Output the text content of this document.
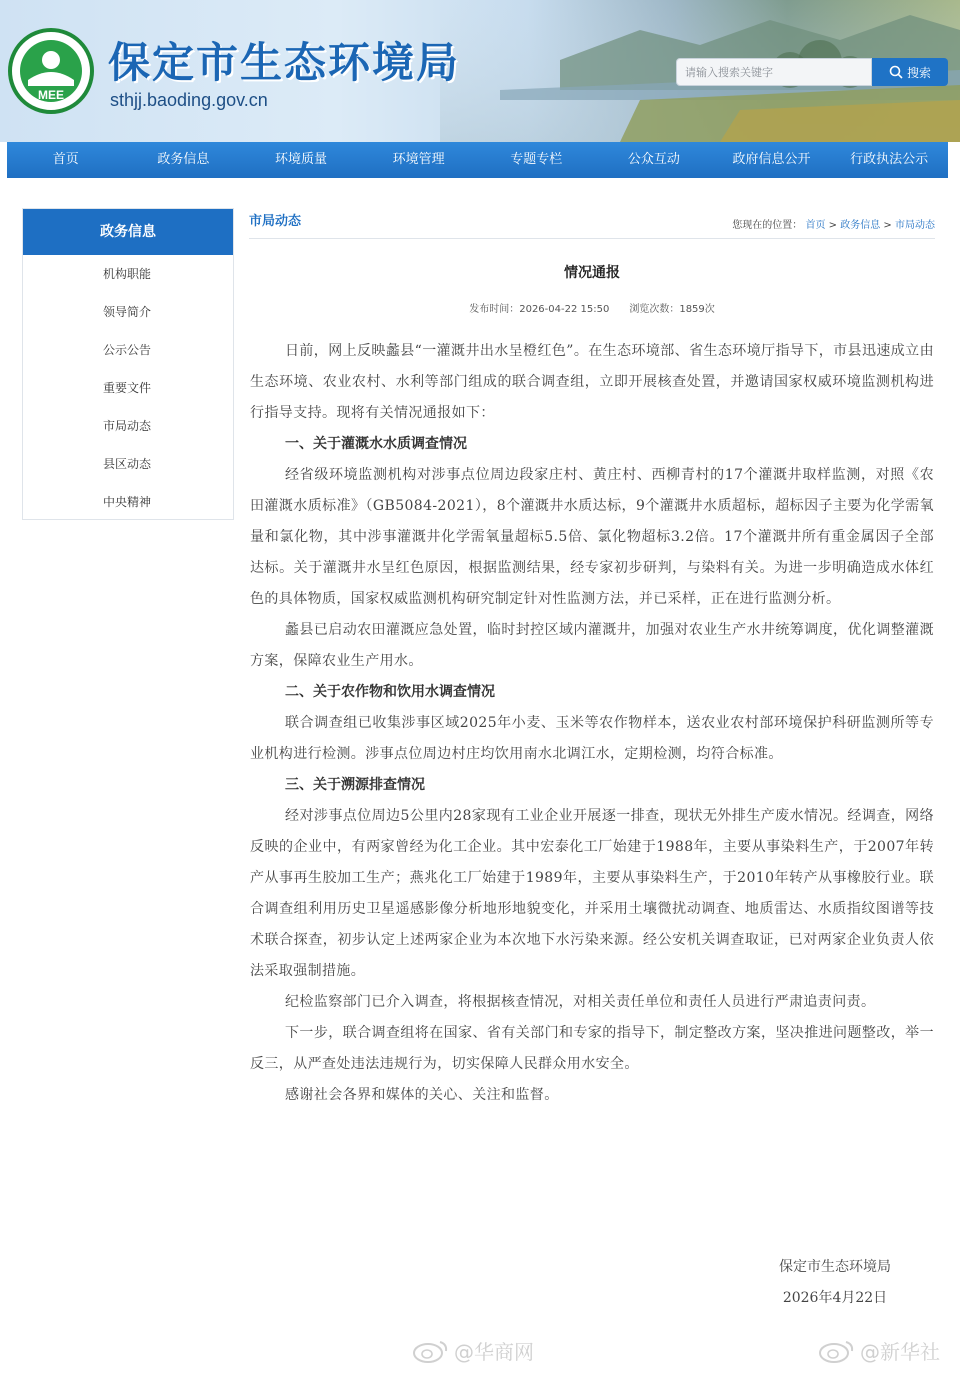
MEE
保定市生态环境局
sthjj.baoding.gov.cn
请输入搜索关键字
搜索
首页	政务信息	环境质量	环境管理	专题专栏	公众互动	政府信息公开	行政执法公示
政务信息
机构职能
领导简介
公示公告
重要文件
市局动态
县区动态
中央精神
市局动态	您现在的位置： 首页 > 政务信息 > 市局动态
情况通报
发布时间：2026-04-22 15:50　　浏览次数：1859次

日前，网上反映蠡县“一灌溉井出水呈橙红色”。在生态环境部、省生态环境厅指导下，市县迅速成立由生态环境、农业农村、水利等部门组成的联合调查组，立即开展核查处置，并邀请国家权威环境监测机构进行指导支持。现将有关情况通报如下：

一、关于灌溉水水质调查情况

经省级环境监测机构对涉事点位周边段家庄村、黄庄村、西柳青村的17个灌溉井取样监测，对照《农田灌溉水质标准》（GB5084-2021），8个灌溉井水质达标，9个灌溉井水质超标，超标因子主要为化学需氧量和氯化物，其中涉事灌溉井化学需氧量超标5.5倍、氯化物超标3.2倍。17个灌溉井所有重金属因子全部达标。关于灌溉井水呈红色原因，根据监测结果，经专家初步研判，与染料有关。为进一步明确造成水体红色的具体物质，国家权威监测机构研究制定针对性监测方法，并已采样，正在进行监测分析。

蠡县已启动农田灌溉应急处置，临时封控区域内灌溉井，加强对农业生产水井统筹调度，优化调整灌溉方案，保障农业生产用水。

二、关于农作物和饮用水调查情况

联合调查组已收集涉事区域2025年小麦、玉米等农作物样本，送农业农村部环境保护科研监测所等专业机构进行检测。涉事点位周边村庄均饮用南水北调江水，定期检测，均符合标准。

三、关于溯源排查情况

经对涉事点位周边5公里内28家现有工业企业开展逐一排查，现状无外排生产废水情况。经调查，网络反映的企业中，有两家曾经为化工企业。其中宏泰化工厂始建于1988年，主要从事染料生产，于2007年转产从事再生胶加工生产；燕兆化工厂始建于1989年，主要从事染料生产，于2010年转产从事橡胶行业。联合调查组利用历史卫星遥感影像分析地形地貌变化，并采用土壤微扰动调查、地质雷达、水质指纹图谱等技术联合探查，初步认定上述两家企业为本次地下水污染来源。经公安机关调查取证，已对两家企业负责人依法采取强制措施。

纪检监察部门已介入调查，将根据核查情况，对相关责任单位和责任人员进行严肃追责问责。

下一步，联合调查组将在国家、省有关部门和专家的指导下，制定整改方案，坚决推进问题整改，举一反三，从严查处违法违规行为，切实保障人民群众用水安全。

感谢社会各界和媒体的关心、关注和监督。

保定市生态环境局
2026年4月22日
@华商网	@新华社
